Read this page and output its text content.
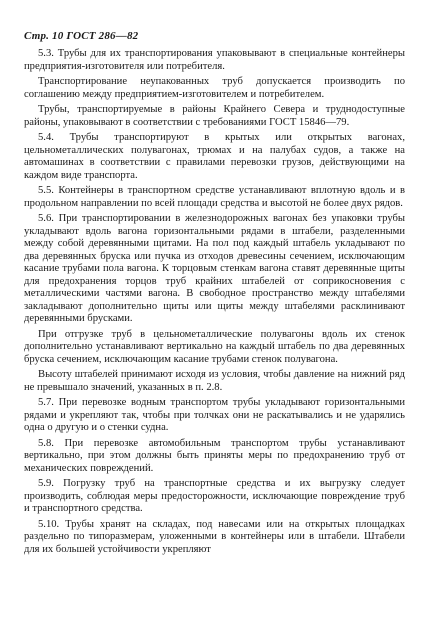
Стр. 10 ГОСТ 286—82

5.3. Трубы для их транспортирования упаковывают в специальные контейнеры предприятия-изготовителя или потребителя.

Транспортирование неупакованных труб допускается производить по соглашению между предприятием-изготовителем и потребителем.

Трубы, транспортируемые в районы Крайнего Севера и труднодоступные районы, упаковывают в соответствии с требованиями ГОСТ 15846—79.

5.4. Трубы транспортируют в крытых или открытых вагонах, цельнометаллических полувагонах, трюмах и на палубах судов, а также на автомашинах в соответствии с правилами перевозки грузов, действующими на каждом виде транспорта.

5.5. Контейнеры в транспортном средстве устанавливают вплотную вдоль и в продольном направлении по всей площади средства и высотой не более двух рядов.

5.6. При транспортировании в железнодорожных вагонах без упаковки трубы укладывают вдоль вагона горизонтальными рядами в штабели, разделенными между собой деревянными щитами. На пол под каждый штабель укладывают по два деревянных бруска или пучка из отходов древесины сечением, исключающим касание трубами пола вагона. К торцовым стенкам вагона ставят деревянные щиты для предохранения торцов труб крайних штабелей от соприкосновения с металлическими частями вагона. В свободное пространство между штабелями закладывают дополнительно щиты или щиты между штабелями расклинивают деревянными брусками.

При отгрузке труб в цельнометаллические полувагоны вдоль их стенок дополнительно устанавливают вертикально на каждый штабель по два деревянных бруска сечением, исключающим касание трубами стенок полувагона.

Высоту штабелей принимают исходя из условия, чтобы давление на нижний ряд не превышало значений, указанных в п. 2.8.

5.7. При перевозке водным транспортом трубы укладывают горизонтальными рядами и укрепляют так, чтобы при толчках они не раскатывались и не ударялись одна о другую и о стенки судна.

5.8. При перевозке автомобильным транспортом трубы устанавливают вертикально, при этом должны быть приняты меры по предохранению труб от механических повреждений.

5.9. Погрузку труб на транспортные средства и их выгрузку следует производить, соблюдая меры предосторожности, исключающие повреждение труб и транспортного средства.

5.10. Трубы хранят на складах, под навесами или на открытых площадках раздельно по типоразмерам, уложенными в контейнеры или в штабели. Штабели для их большей устойчивости укрепляют
